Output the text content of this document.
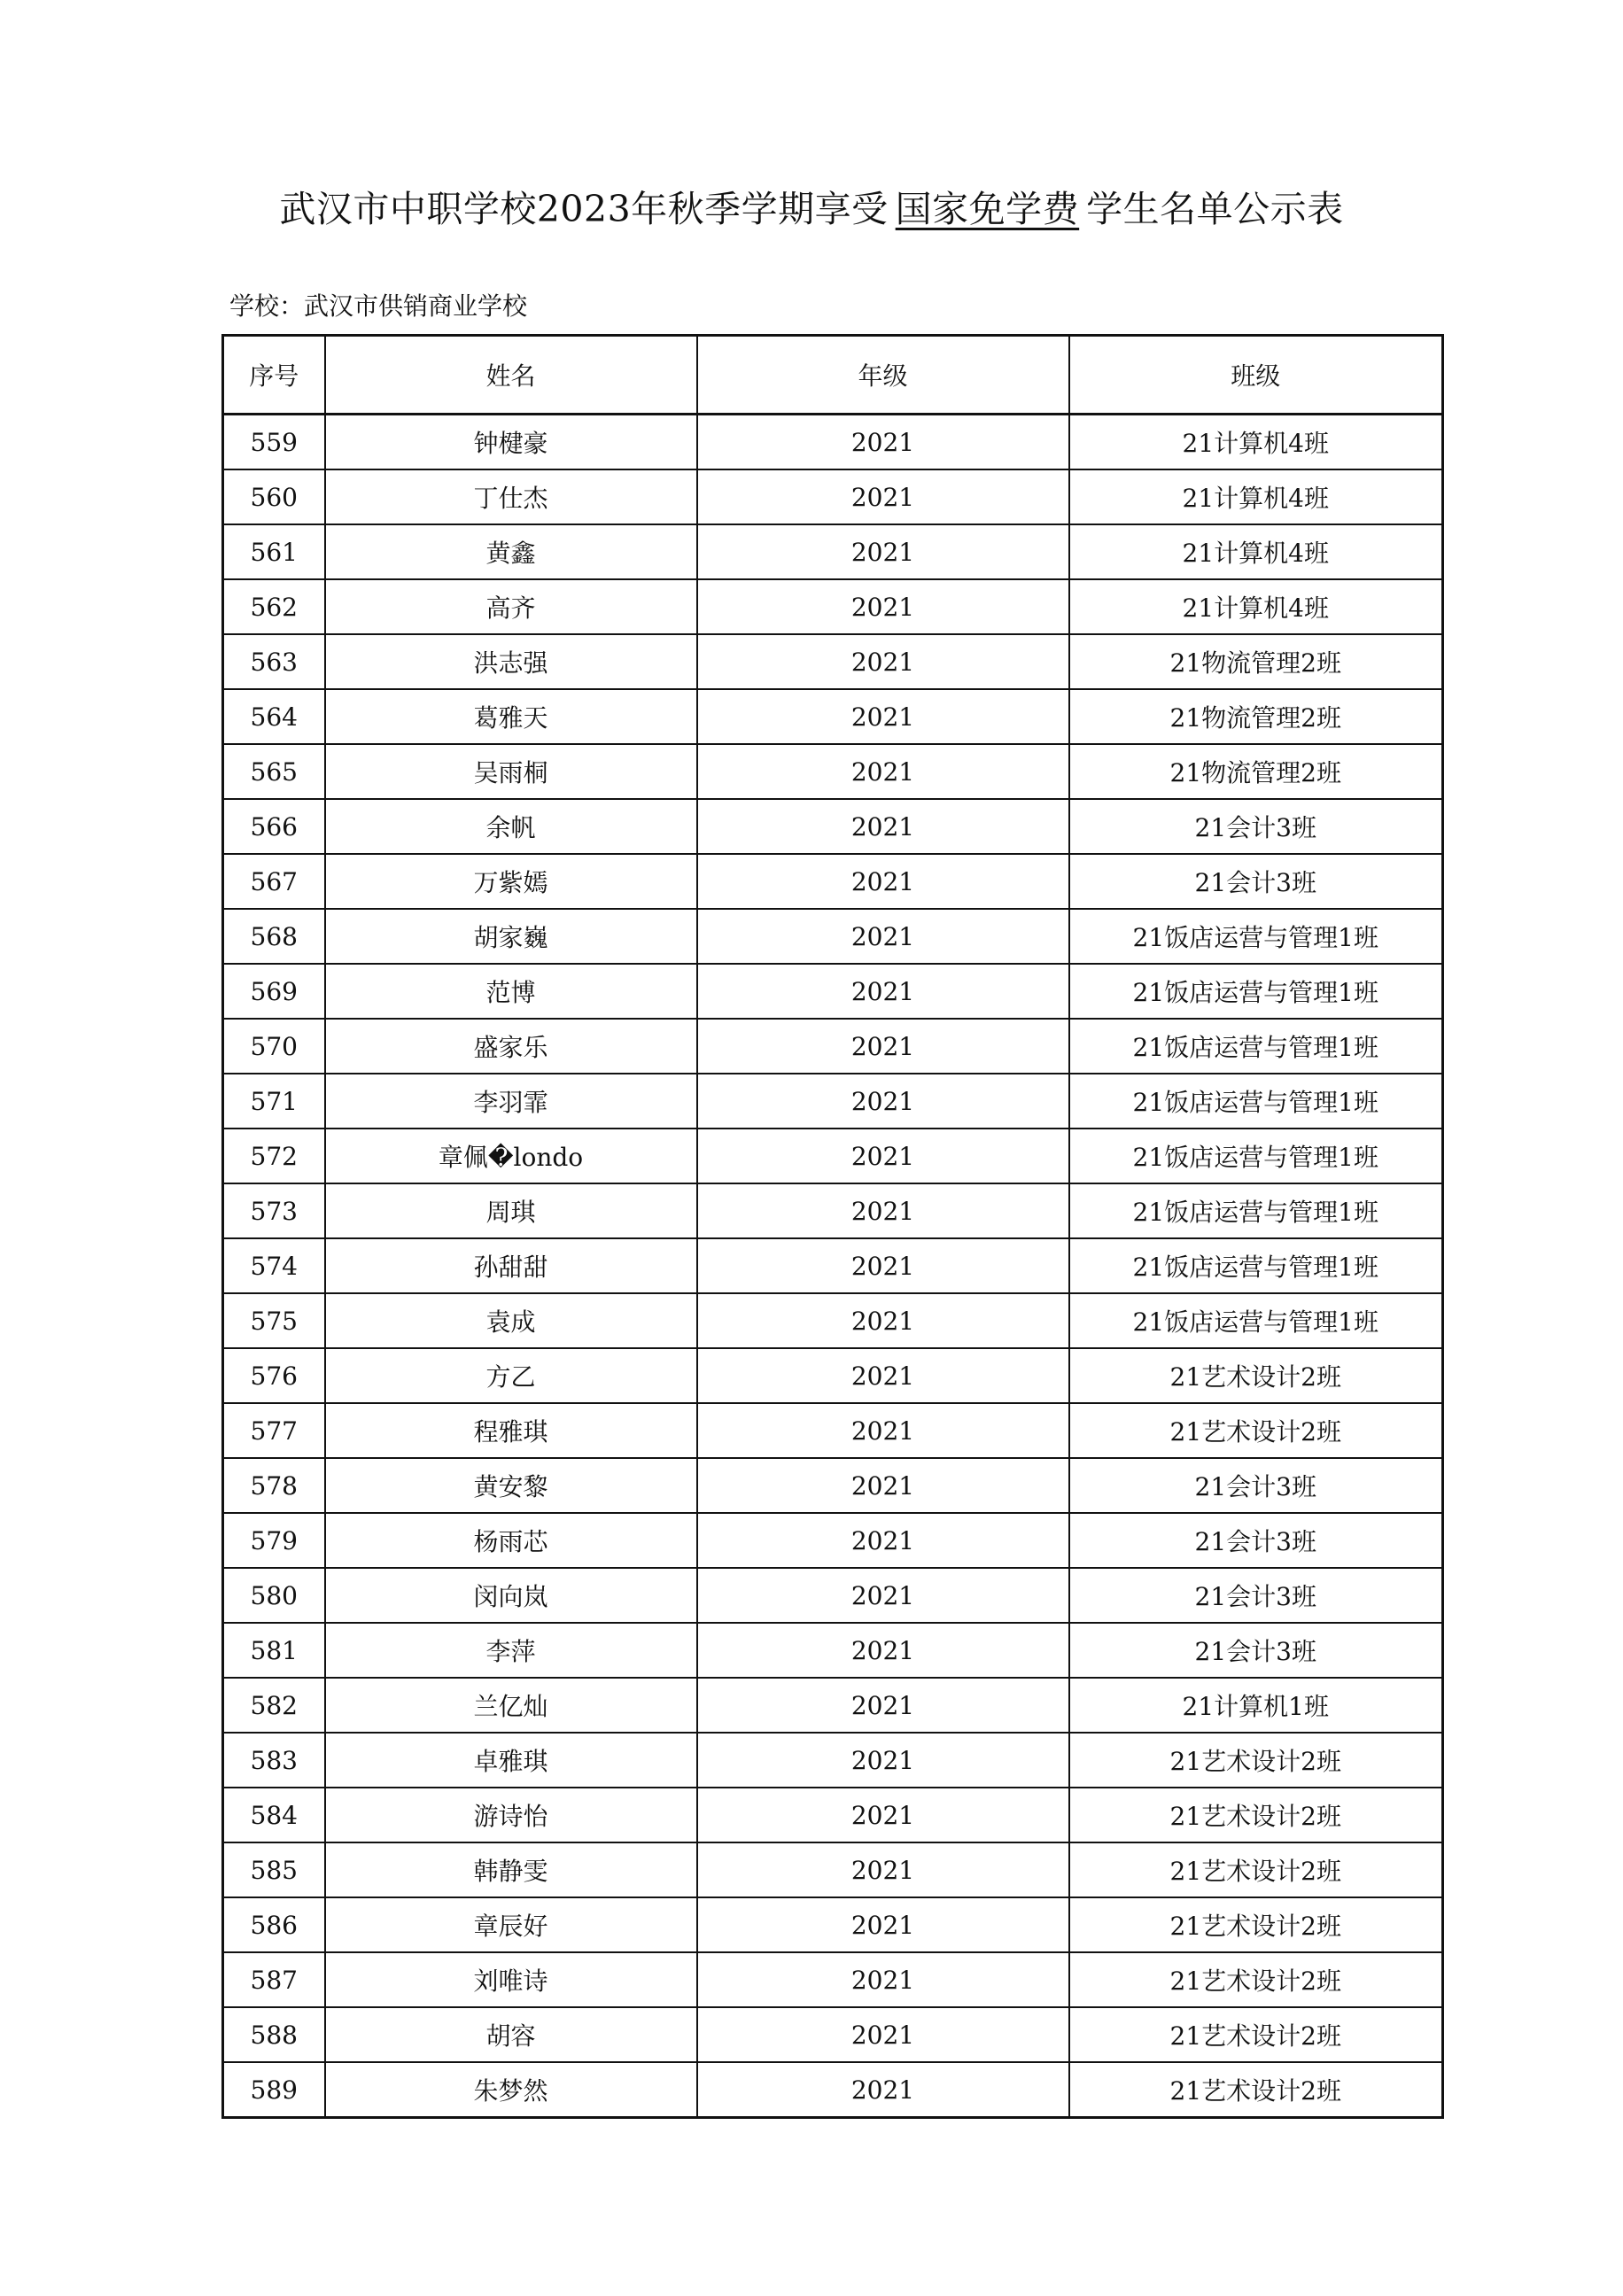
武汉市中职学校2023年秋季学期享受 国家免学费 学生名单公示表
学校：武汉市供销商业学校
序号	姓名	年级	班级
559	钟楗豪	2021	21计算机4班
560	丁仕杰	2021	21计算机4班
561	黄鑫	2021	21计算机4班
562	高齐	2021	21计算机4班
563	洪志强	2021	21物流管理2班
564	葛雅天	2021	21物流管理2班
565	吴雨桐	2021	21物流管理2班
566	余帆	2021	21会计3班
567	万紫嫣	2021	21会计3班
568	胡家巍	2021	21饭店运营与管理1班
569	范博	2021	21饭店运营与管理1班
570	盛家乐	2021	21饭店运营与管理1班
571	李羽霏	2021	21饭店运营与管理1班
572	章佩�londo	2021	21饭店运营与管理1班
573	周琪	2021	21饭店运营与管理1班
574	孙甜甜	2021	21饭店运营与管理1班
575	袁成	2021	21饭店运营与管理1班
576	方乙	2021	21艺术设计2班
577	程雅琪	2021	21艺术设计2班
578	黄安黎	2021	21会计3班
579	杨雨芯	2021	21会计3班
580	闵向岚	2021	21会计3班
581	李萍	2021	21会计3班
582	兰亿灿	2021	21计算机1班
583	卓雅琪	2021	21艺术设计2班
584	游诗怡	2021	21艺术设计2班
585	韩静雯	2021	21艺术设计2班
586	章辰好	2021	21艺术设计2班
587	刘唯诗	2021	21艺术设计2班
588	胡容	2021	21艺术设计2班
589	朱梦然	2021	21艺术设计2班
